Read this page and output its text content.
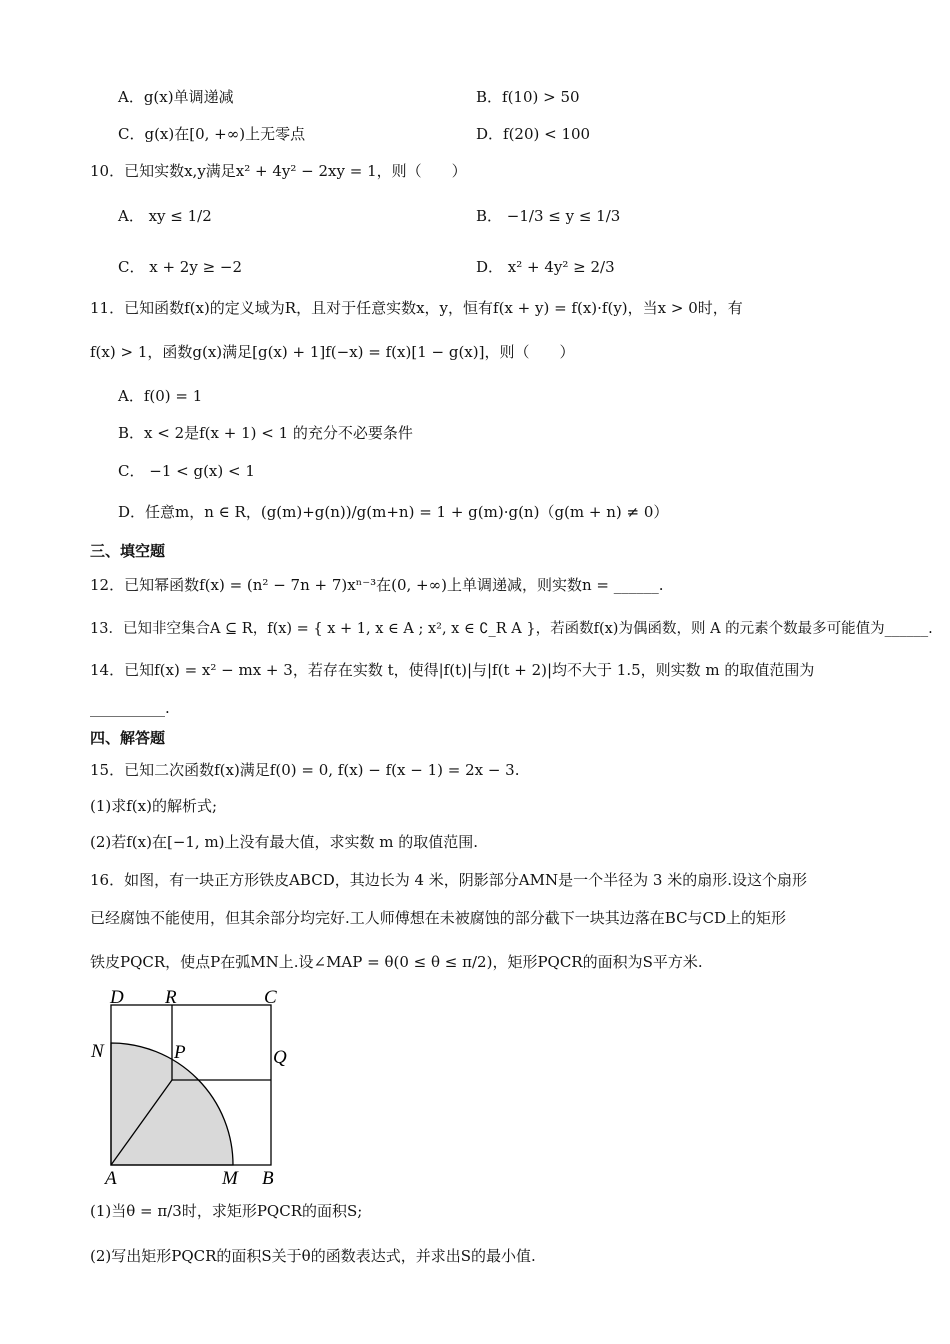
A．g(x)单调递减	B．f(10) > 50
C．g(x)在[0, +∞)上无零点	D．f(20) < 100
10．已知实数x,y满足x² + 4y² − 2xy = 1，则（　　）
A． xy ≤ 1/2	B． −1/3 ≤ y ≤ 1/3
C． x + 2y ≥ −2	D． x² + 4y² ≥ 2/3
11．已知函数f(x)的定义域为R，且对于任意实数x，y，恒有f(x + y) = f(x)·f(y)，当x > 0时，有
f(x) > 1，函数g(x)满足[g(x) + 1]f(−x) = f(x)[1 − g(x)]，则（　　）
A．f(0) = 1
B．x < 2是f(x + 1) < 1 的充分不必要条件
C． −1 < g(x) < 1
D．任意m，n ∈ R，(g(m)+g(n))/g(m+n) = 1 + g(m)·g(n)（g(m + n) ≠ 0）
三、填空题
12．已知幂函数f(x) = (n² − 7n + 7)xⁿ⁻³在(0, +∞)上单调递减，则实数n = ______.
13．已知非空集合A ⊆ R，f(x) = { x + 1, x ∈ A ; x², x ∈ ∁_R A }，若函数f(x)为偶函数，则 A 的元素个数最多可能值为______.
14．已知f(x) = x² − mx + 3，若存在实数 t，使得|f(t)|与|f(t + 2)|均不大于 1.5，则实数 m 的取值范围为
__________.
四、解答题
15．已知二次函数f(x)满足f(0) = 0, f(x) − f(x − 1) = 2x − 3.
(1)求f(x)的解析式;
(2)若f(x)在[−1, m)上没有最大值，求实数 m 的取值范围.
16．如图，有一块正方形铁皮ABCD，其边长为 4 米，阴影部分AMN是一个半径为 3 米的扇形.设这个扇形
已经腐蚀不能使用，但其余部分均完好.工人师傅想在未被腐蚀的部分截下一块其边落在BC与CD上的矩形
铁皮PQCR，使点P在弧MN上.设∠MAP = θ(0 ≤ θ ≤ π/2)，矩形PQCR的面积为S平方米.
D R	C
N	P	Q
A	M B
(1)当θ = π/3时，求矩形PQCR的面积S;
(2)写出矩形PQCR的面积S关于θ的函数表达式，并求出S的最小值.
